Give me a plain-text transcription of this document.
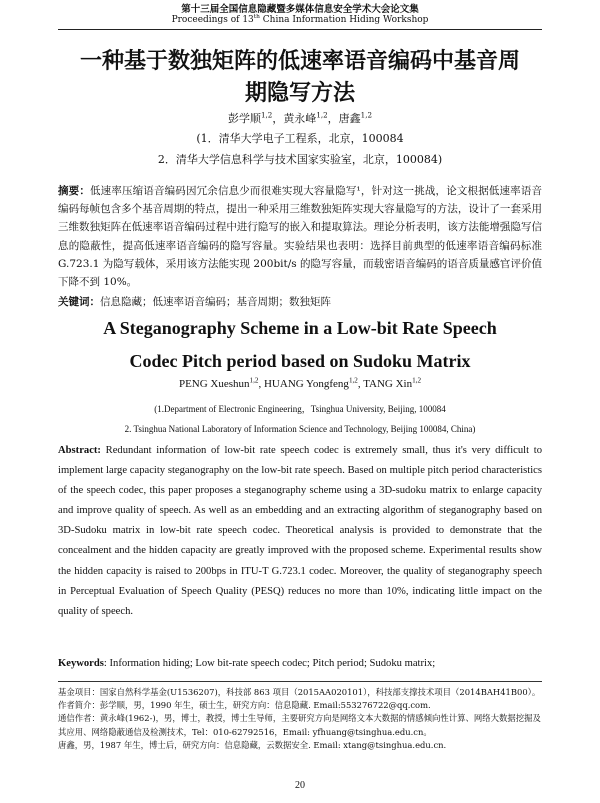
第十三届全国信息隐藏暨多媒体信息安全学术大会论文集
Proceedings of 13th China Information Hiding Workshop
一种基于数独矩阵的低速率语音编码中基音周
期隐写方法
彭学顺$^{1,2}$，黄永峰$^{1,2}$，唐鑫$^{1,2}$
(1．清华大学电子工程系，北京，100084
2．清华大学信息科学与技术国家实验室，北京，100084)
摘要：低速率压缩语音编码因冗余信息少而很难实现大容量隐写¹，针对这一挑战，论文根据低速率语音编码每帧包含多个基音周期的特点，提出一种采用三维数独矩阵实现大容量隐写的方法，设计了一套采用三维数独矩阵在低速率语音编码过程中进行隐写的嵌入和提取算法。理论分析表明，该方法能增强隐写信息的隐蔽性，提高低速率语音编码的隐写容量。实验结果也表明：选择目前典型的低速率语音编码标准 G.723.1 为隐写载体，采用该方法能实现 200bit/s 的隐写容量，而载密语音编码的语音质量感官评价值下降不到 10%。
关键词：信息隐藏；低速率语音编码；基音周期；数独矩阵
A Steganography Scheme in a Low-bit Rate Speech
Codec Pitch period based on Sudoku Matrix
PENG Xueshun$^{1,2}$, HUANG Yongfeng$^{1,2}$, TANG Xin$^{1,2}$
(1.Department of Electronic Engineering，Tsinghua University, Beijing, 100084
2. Tsinghua National Laboratory of Information Science and Technology, Beijing 100084, China)
Abstract: Redundant information of low-bit rate speech codec is extremely small, thus it's very difficult to implement large capacity steganography on the low-bit rate speech. Based on multiple pitch period characteristics of the speech codec, this paper proposes a steganography scheme using a 3D-sudoku matrix to enlarge capacity and improve quality of speech. As well as an embedding and an extracting algorithm of steganography based on 3D-Sudoku matrix in low-bit rate speech codec. Theoretical analysis is provided to demonstrate that the concealment and the hidden capacity are greatly improved with the proposed scheme. Experimental results show the hidden capacity is raised to 200bps in ITU-T G.723.1 codec. Moreover, the quality of steganography speech in Perceptual Evaluation of Speech Quality (PESQ) reduces no more than 10%, indicating little impact on the quality of speech.
Keywords: Information hiding; Low bit-rate speech codec; Pitch period; Sudoku matrix;
基金项目：国家自然科学基金(U1536207)，科技部 863 项目（2015AA020101），科技部支撑技术项目（2014BAH41B00）。
作者简介：彭学顺，男，1990 年生，硕士生，研究方向：信息隐藏. Email:553276722@qq.com.
通信作者：黄永峰(1962-)，男，博士，教授，博士生导师，主要研究方向是网络文本大数据的情感倾向性计算、网络大数据挖掘及其应用、网络隐蔽通信及检测技术，Tel：010-62792516，Email: yfhuang@tsinghua.edu.cn。
唐鑫，男，1987 年生，博士后，研究方向：信息隐藏，云数据安全. Email: xtang@tsinghua.edu.cn.
20
